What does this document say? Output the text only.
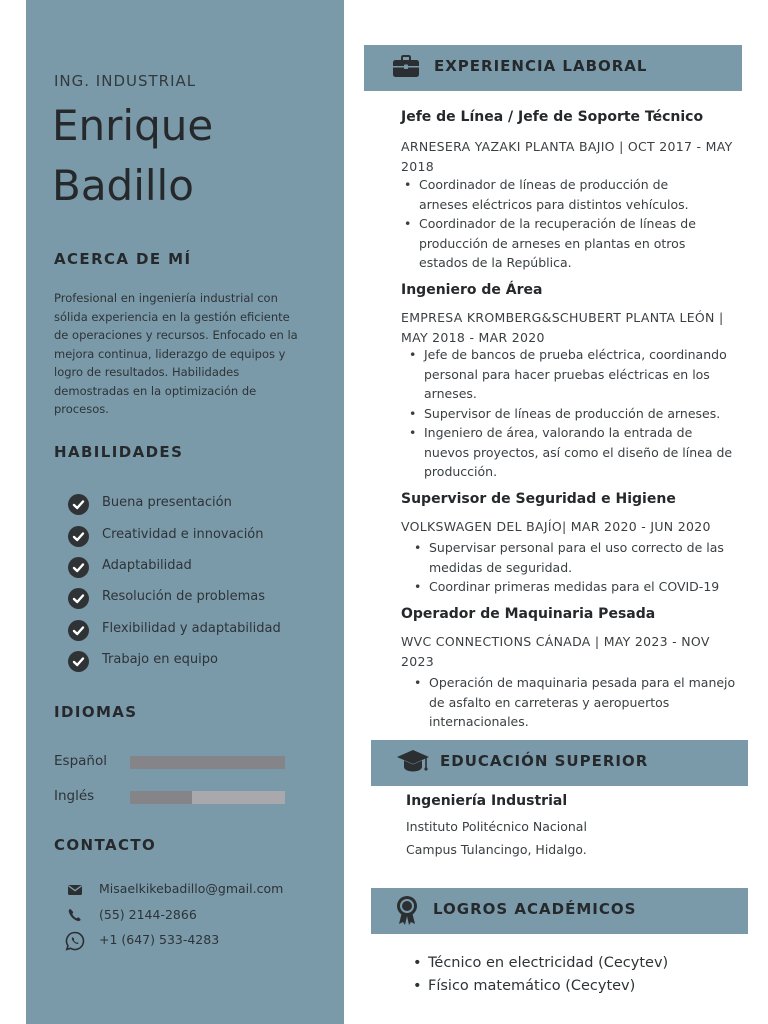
ING. INDUSTRIAL
Enrique
Badillo
ACERCA DE MÍ
Profesional en ingeniería industrial con sólida experiencia en la gestión eficiente de operaciones y recursos. Enfocado en la mejora continua, liderazgo de equipos y logro de resultados. Habilidades demostradas en la optimización de procesos.
HABILIDADES
Buena presentación
Creatividad e innovación
Adaptabilidad
Resolución de problemas
Flexibilidad y adaptabilidad
Trabajo en equipo
IDIOMAS
Español
Inglés
CONTACTO
Misaelkikebadillo@gmail.com
(55) 2144-2866
+1 (647) 533-4283
EXPERIENCIA LABORAL
Jefe de Línea / Jefe de Soporte Técnico
ARNESERA YAZAKI PLANTA BAJIO | OCT 2017 - MAY 2018
• Coordinador de líneas de producción de arneses eléctricos para distintos vehículos.
• Coordinador de la recuperación de líneas de producción de arneses en plantas en otros estados de la República.
Ingeniero de Área
EMPRESA KROMBERG&SCHUBERT PLANTA LEÓN | MAY 2018 - MAR 2020
• Jefe de bancos de prueba eléctrica, coordinando personal para hacer pruebas eléctricas en los arneses.
• Supervisor de líneas de producción de arneses.
• Ingeniero de área, valorando la entrada de nuevos proyectos, así como el diseño de línea de producción.
Supervisor de Seguridad e Higiene
VOLKSWAGEN DEL BAJÍO| MAR 2020 - JUN 2020
• Supervisar personal para el uso correcto de las medidas de seguridad.
• Coordinar primeras medidas para el COVID-19
Operador de Maquinaria Pesada
WVC CONNECTIONS CÁNADA | MAY 2023 - NOV 2023
• Operación de maquinaria pesada para el manejo de asfalto en carreteras y aeropuertos internacionales.
EDUCACIÓN SUPERIOR
Ingeniería Industrial
Instituto Politécnico Nacional
Campus Tulancingo, Hidalgo.
LOGROS ACADÉMICOS
• Técnico en electricidad (Cecytev)
• Físico matemático (Cecytev)
